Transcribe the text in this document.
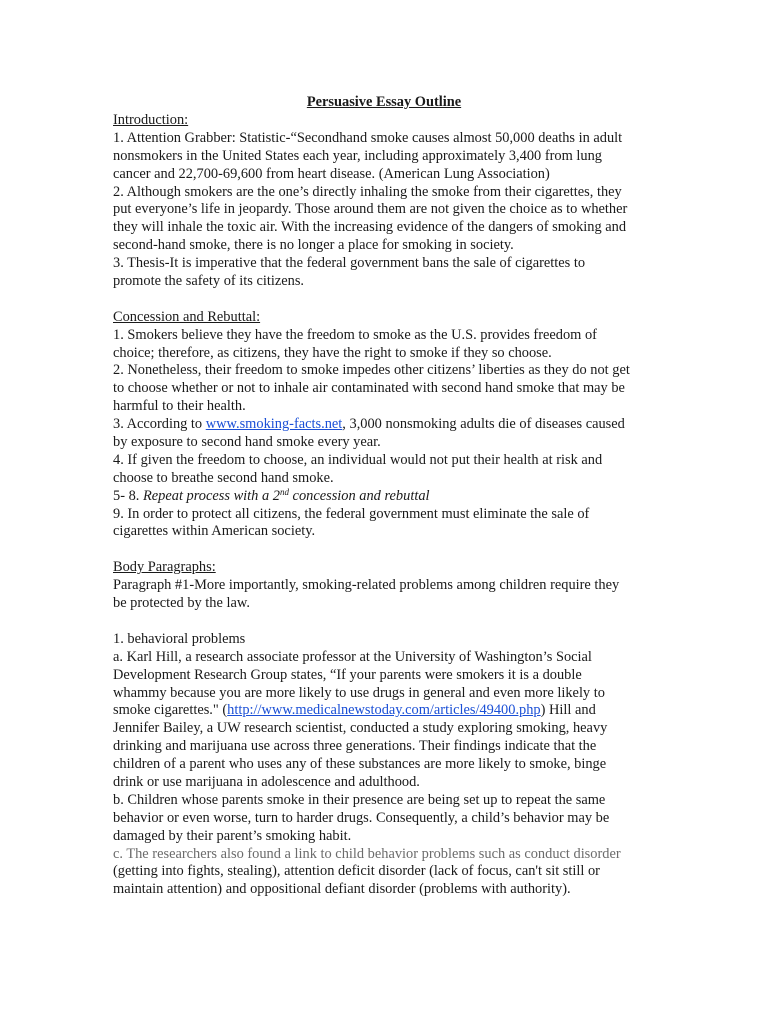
Persuasive Essay Outline
Introduction:
1. Attention Grabber: Statistic-“Secondhand smoke causes almost 50,000 deaths in adult
nonsmokers in the United States each year, including approximately 3,400 from lung
cancer and 22,700-69,600 from heart disease. (American Lung Association)
2. Although smokers are the one’s directly inhaling the smoke from their cigarettes, they
put everyone’s life in jeopardy. Those around them are not given the choice as to whether
they will inhale the toxic air. With the increasing evidence of the dangers of smoking and
second-hand smoke, there is no longer a place for smoking in society.
3. Thesis-It is imperative that the federal government bans the sale of cigarettes to
promote the safety of its citizens.
Concession and Rebuttal:
1. Smokers believe they have the freedom to smoke as the U.S. provides freedom of
choice; therefore, as citizens, they have the right to smoke if they so choose.
2. Nonetheless, their freedom to smoke impedes other citizens’ liberties as they do not get
to choose whether or not to inhale air contaminated with second hand smoke that may be
harmful to their health.
3. According to www.smoking-facts.net, 3,000 nonsmoking adults die of diseases caused
by exposure to second hand smoke every year.
4. If given the freedom to choose, an individual would not put their health at risk and
choose to breathe second hand smoke.
5- 8. Repeat process with a 2nd concession and rebuttal
9. In order to protect all citizens, the federal government must eliminate the sale of
cigarettes within American society.
Body Paragraphs:
Paragraph #1-More importantly, smoking-related problems among children require they
be protected by the law.
1. behavioral problems
a. Karl Hill, a research associate professor at the University of Washington’s Social
Development Research Group states, “If your parents were smokers it is a double
whammy because you are more likely to use drugs in general and even more likely to
smoke cigarettes." (http://www.medicalnewstoday.com/articles/49400.php) Hill and
Jennifer Bailey, a UW research scientist, conducted a study exploring smoking, heavy
drinking and marijuana use across three generations. Their findings indicate that the
children of a parent who uses any of these substances are more likely to smoke, binge
drink or use marijuana in adolescence and adulthood.
b. Children whose parents smoke in their presence are being set up to repeat the same
behavior or even worse, turn to harder drugs. Consequently, a child’s behavior may be
damaged by their parent’s smoking habit.
c. The researchers also found a link to child behavior problems such as conduct disorder
(getting into fights, stealing), attention deficit disorder (lack of focus, can't sit still or
maintain attention) and oppositional defiant disorder (problems with authority).
